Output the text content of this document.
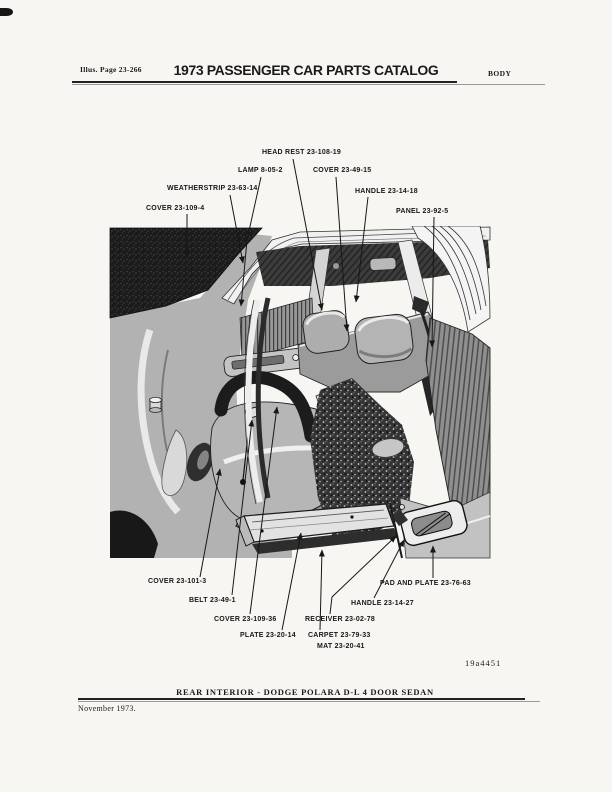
Illus. Page 23-266 1973 PASSENGER CAR PARTS CATALOG	BODY
HEAD REST 23-108-19
LAMP 8-05-2	COVER 23-49-15
WEATHERSTRIP 23-63-14	HANDLE 23-14-18
COVER 23-109-4	PANEL 23-92-5
COVER 23-101-3	PAD AND PLATE 23-76-63
BELT 23-49-1	HANDLE 23-14-27
COVER 23-109-36	RECEIVER 23-02-78
PLATE 23-20-14 CARPET 23-79-33
MAT 23-20-41
19a4451
REAR INTERIOR - DODGE POLARA D-L 4 DOOR SEDAN
November 1973.
